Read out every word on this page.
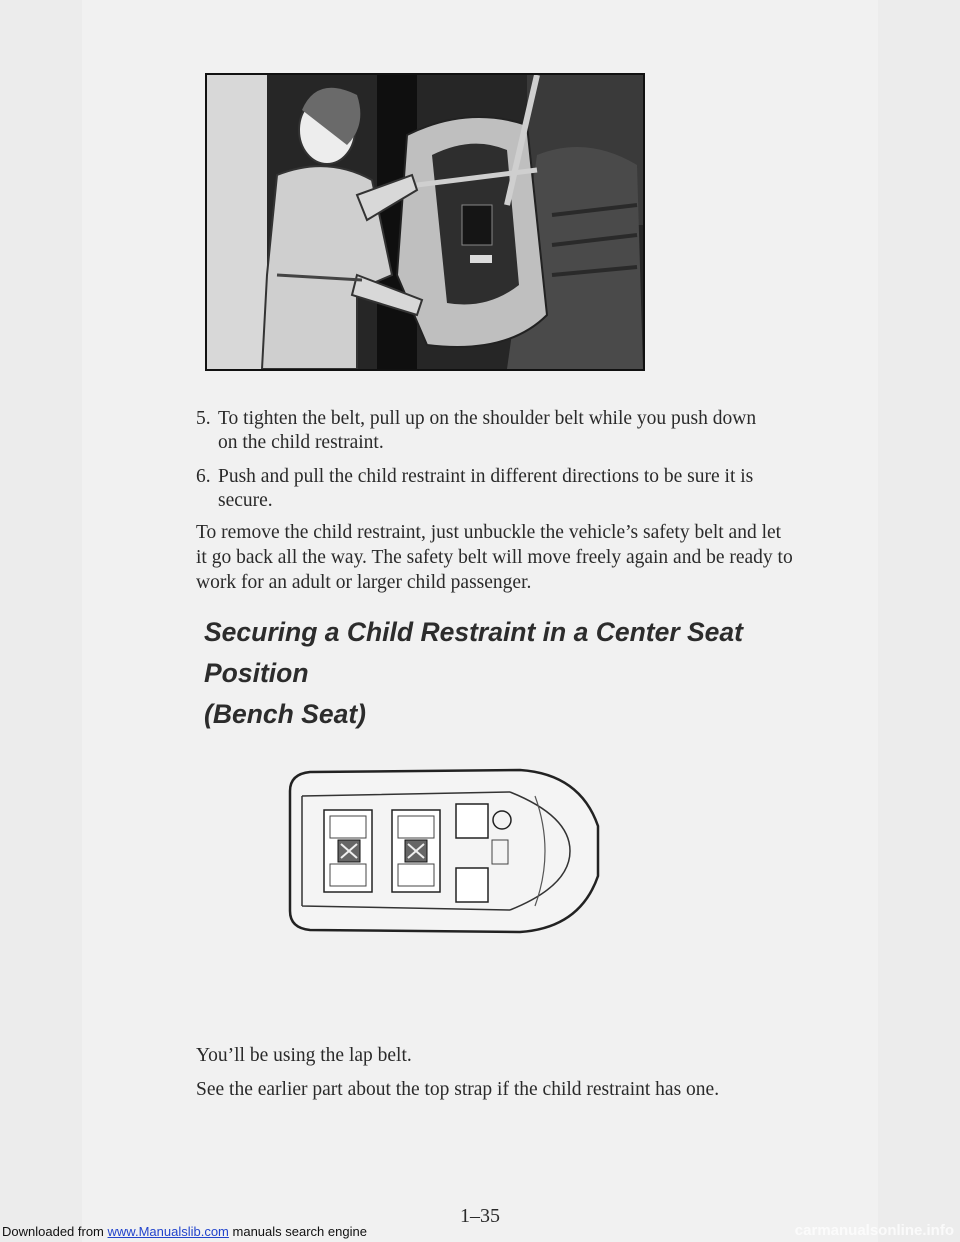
5. To tighten the belt, pull up on the shoulder belt while you push down
on the child restraint.
6. Push and pull the child restraint in different directions to be sure it is
secure.
To remove the child restraint, just unbuckle the vehicle’s safety belt and let
it go back all the way. The safety belt will move freely again and be ready to
work for an adult or larger child passenger.
Securing a Child Restraint in a Center Seat Position
(Bench Seat)
You’ll be using the lap belt.
See the earlier part about the top strap if the child restraint has one.
1–35
Downloaded from www.Manualslib.com manuals search engine	carmanualsonline.info
